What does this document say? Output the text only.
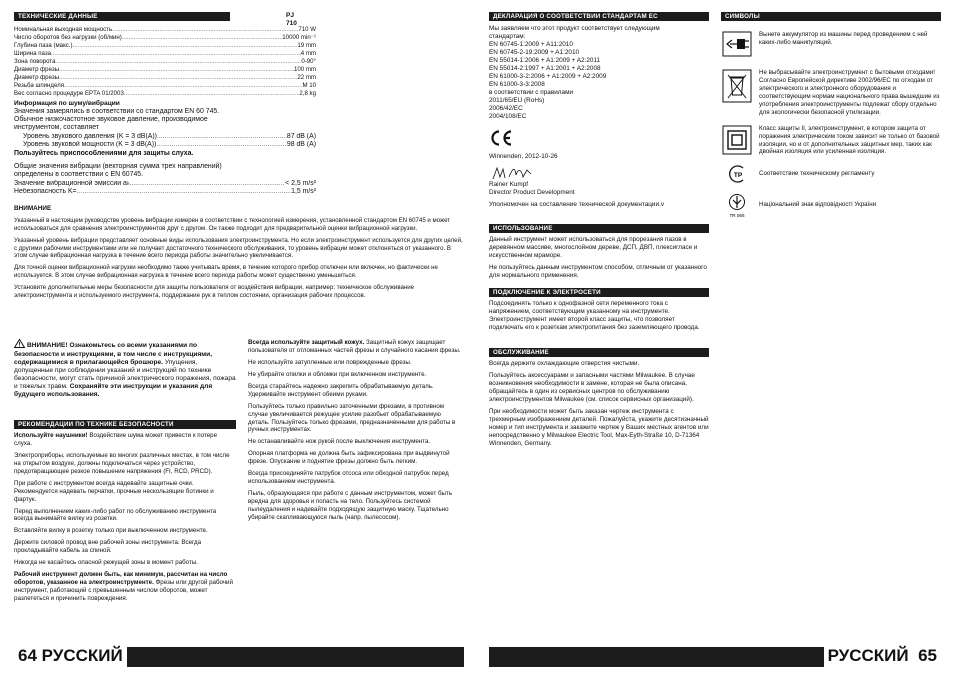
ТЕХНИЧЕСКИЕ ДАННЫЕ	PJ 710
Номинальная выходная мощность .....	710 W
Число оборотов без нагрузки (об/мин) .....	10000 min⁻¹
Глубина паза (макс.) .....	19 mm
Ширина паза .....	4 mm
Зона поворота .....	0-90°
Диаметр фрезы .....	100 mm
Диаметр фрезы .....	22 mm
Резьба шпинделя .....	M 10
Вес согласно процедуре EPTA 01/2003 .....	2,8 kg
Информация по шуму/вибрации
Значения замерялись в соответствии со стандартом EN 60 745.
Обычное низкочастотное звуковое давление, производимое инструментом, составляет
Уровень звукового давления (K = 3 dB(A)) .....	87 dB (A)
Уровень звуковой мощности (K = 3 dB(A)) .....	98 dB (A)
Пользуйтесь приспособлениями для защиты слуха.
Общие значения вибрации (векторная сумма трех направлений) определены в соответствии с EN 60745.
Значение вибрационной эмиссии a h .....	< 2,5 m/s²
Небезопасность K= .....	1,5 m/s²
ВНИМАНИЕ

Указанный в настоящем руководстве уровень вибрации измерен в соответствии с технологией измерения, установленной стандартом EN 60745 и может использоваться для сравнения электроинструментов друг с другом. Он также подходит для предварительной оценки вибрационной нагрузки.

Указанный уровень вибрации представляет основные виды использования электроинструмента. Но если электроинструмент используется для других целей, с другими рабочими инструментами или не получает достаточного технического обслуживания, то уровень вибрации может отклоняться от указанного. В этом случае вибрационная нагрузка в течение всего периода работы значительно увеличивается.

Для точной оценки вибрационной нагрузки необходимо также учитывать время, в течение которого прибор отключен или включен, но фактически не используется. В этом случае вибрационная нагрузка в течение всего периода работы может существенно уменьшиться.

Установите дополнительные меры безопасности для защиты пользователя от воздействия вибрации, например: техническое обслуживание электроинструмента и используемого инструмента, поддержание рук в теплом состоянии, организация рабочих процессов.

! ВНИМАНИЕ! Ознакомьтесь со всеми указаниями по безопасности и инструкциями, в том числе с инструкциями, содержащимися в прилагающейся брошюре. Упущения, допущенные при соблюдении указаний и инструкций по технике безопасности, могут стать причиной электрического поражения, пожара и тяжелых травм. Сохраняйте эти инструкции и указания для будущего использования.
РЕКОМЕНДАЦИИ ПО ТЕХНИКЕ БЕЗОПАСНОСТИ

Используйте наушники! Воздействие шума может привести к потере слуха.

Электроприборы, используемые во многих различных местах, в том числе на открытом воздухе, должны подключаться через устройство, предотвращающее резкое повышение напряжения (FI, RCD, PRCD).

При работе с инструментом всегда надевайте защитные очки. Рекомендуется надевать перчатки, прочные нескользящие ботинки и фартук.

Перед выполнением каких-либо работ по обслуживанию инструмента всегда вынимайте вилку из розетки.

Вставляйте вилку в розетку только при выключенном инструменте.

Держите силовой провод вне рабочей зоны инструмента. Всегда прокладывайте кабель за спиной.

Никогда не касайтесь опасной режущей зоны в момент работы.

Рабочий инструмент должен быть, как минимум, рассчитан на число оборотов, указанное на электроинструменте. Фрезы или другой рабочий инструмент, работающий с превышенным числом оборотов, может разлететься и причинить повреждения.

Всегда используйте защитный кожух. Защитный кожух защищает пользователя от отломанных частей фрезы и случайного касания фрезы.

Не используйте затупленные или поврежденные фрезы.

Не убирайте опилки и обломки при включенном инструменте.

Всегда старайтесь надежно закрепить обрабатываемую деталь. Удерживайте инструмент обеими руками.

Пользуйтесь только правильно заточенными фрезами, в противном случае увеличивается режущее усилие разобьет обрабатываемую деталь. Пользуйтесь только фрезами, предназначенными для работы в ручных инструментах.

Не останавливайте нож рукой после выключения инструмента.

Опорная платформа не должна быть зафиксирована при выдвинутой фрезе. Опускание и поднятие фрезы должно быть легким.

Всегда присоединяйте патрубок отсоса или обходной патрубок перед использованием инструмента.

Пыль, образующаяся при работе с данным инструментом, может быть вредна для здоровья и попасть на тело. Пользуйтесь системой пылеудаления и надевайте подходящую защитную маску. Тщательно убирайте скапливающуюся пыль (напр. пылесосом).

64 РУССКИЙ
ДЕКЛАРАЦИЯ О СООТВЕТСТВИИ СТАНДАРТАМ ЕС
Мы заявляем что этот продукт соответствует следующим стандартам:
EN 60745-1:2009 + A11:2010
EN 60745-2-19:2009 + A1:2010
EN 55014-1:2006 + A1:2009 + A2:2011
EN 55014-2:1997 + A1:2001 + A2:2008
EN 61000-3-2:2006 + A1:2009 + A2:2009
EN 61000-3-3:2008
в соответствии с правилами
2011/65/EU (RoHs)
2006/42/EC
2004/108/EC
Winnenden, 2012-10-26
Rainer Kumpf
Director Product Development
Уполномочен на составление технической документации.v
ИСПОЛЬЗОВАНИЕ

Данный инструмент может использоваться для прорезания пазов в деревянном массиве, многослойном дереве, ДСП, ДВП, плексигласе и искусственном мраморе.

Не пользуйтесь данным инструментом способом, отличным от указанного для нормального применения.

ПОДКЛЮЧЕНИЕ К ЭЛЕКТРОСЕТИ

Подсоединять только к однофазной сети переменного тока с напряжением, соответствующим указанному на инструменте. Электроинструмент имеет второй класс защиты, что позволяет подключать его к розеткам электропитания без заземляющего провода.

ОБСЛУЖИВАНИЕ

Всегда держите охлаждающие отверстия чистыми.

Пользуйтесь аксессуарами и запасными частями Milwaukee. В случае возникновения необходимости в замене, которая не была описана, обращайтесь в один из сервисных центров по обслуживанию электроинструментов Milwaukee (см. список сервисных организаций).

При необходимости может быть заказан чертеж инструмента с трехмерным изображением деталей. Пожалуйста, укажите десятизначный номер и тип инструмента и закажите чертеж у Ваших местных агентов или непосредственно у Milwaukee Electric Tool, Max-Eyth-Straße 10, D-71364 Winnenden, Germany.

СИМВОЛЫ
Вынете аккумулятор из машины перед проведением с ней каких-либо манипуляций.
Не выбрасывайте электроинструмент с бытовыми отходами! Согласно Европейской директиве 2002/96/ЕС по отходам от электрического и электронного оборудования и соответствующим нормам национального права вышедшие из употребления электроинструменты подлежат сбору отдельно для экологически безопасной утилизации.
Класс защиты II, электроинструмент, в котором защита от поражения электрическим током зависит не только от базовой изоляции, но и от дополнительных защитных мер, таких как двойная изоляция или усиленная изоляция.
TP	Соответствие техническому регламенту
TR 066
Національний знак відповідності України
РУССКИЙ 65
